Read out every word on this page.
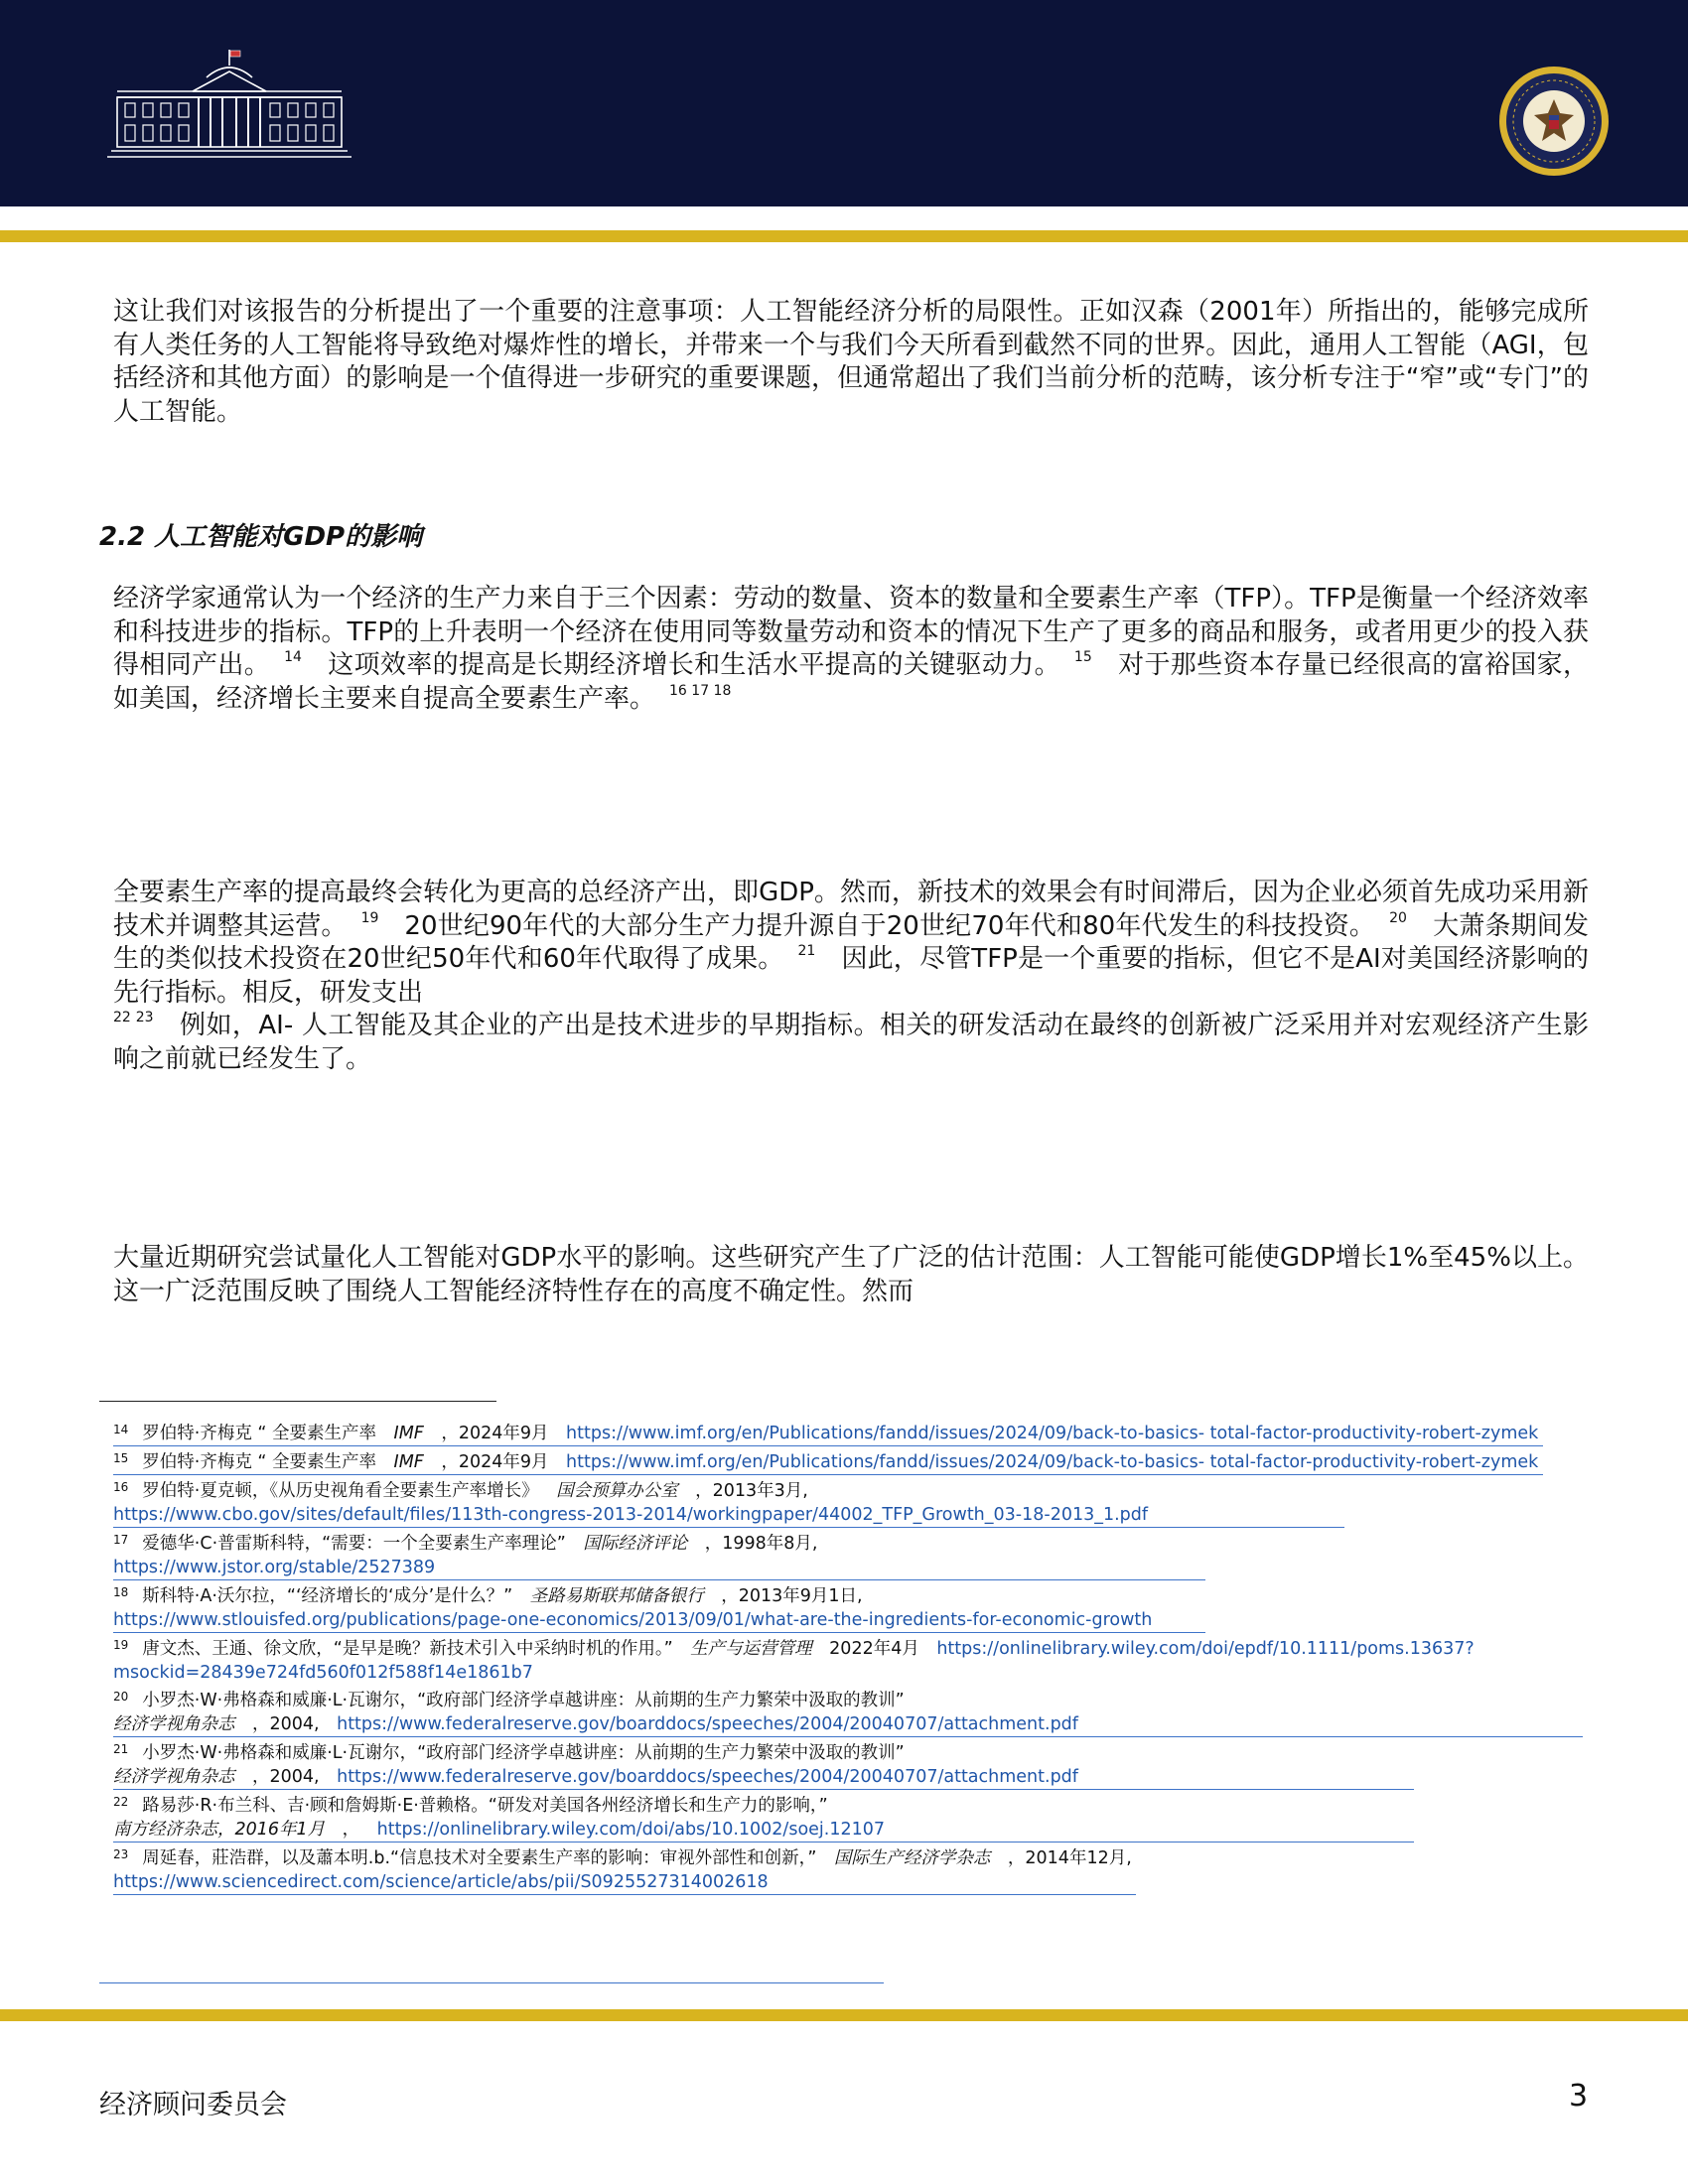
这让我们对该报告的分析提出了一个重要的注意事项：人工智能经济分析的局限性。正如汉森（2001年）所指出的，能够完成所有人类任务的人工智能将导致绝对爆炸性的增长，并带来一个与我们今天所看到截然不同的世界。因此，通用人工智能（AGI，包括经济和其他方面）的影响是一个值得进一步研究的重要课题，但通常超出了我们当前分析的范畴，该分析专注于“窄”或“专门”的人工智能。
2.2 人工智能对GDP的影响

经济学家通常认为一个经济的生产力来自于三个因素：劳动的数量、资本的数量和全要素生产率（TFP）。TFP是衡量一个经济效率和科技进步的指标。TFP的上升表明一个经济在使用同等数量劳动和资本的情况下生产了更多的商品和服务，或者用更少的投入获得相同产出。  $^{14}$  这项效率的提高是长期经济增长和生活水平提高的关键驱动力。  $^{15}$  对于那些资本存量已经很高的富裕国家，如美国，经济增长主要来自提高全要素生产率。  $^{16 17 18}$

全要素生产率的提高最终会转化为更高的总经济产出，即GDP。然而，新技术的效果会有时间滞后，因为企业必须首先成功采用新技术并调整其运营。  $^{19}$  20世纪90年代的大部分生产力提升源自于20世纪70年代和80年代发生的科技投资。  $^{20}$  大萧条期间发生的类似技术投资在20世纪50年代和60年代取得了成果。  $^{21}$  因此，尽管TFP是一个重要的指标，但它不是AI对美国经济影响的先行指标。相反，研发支出
$^{22 23}$  例如，AI- 人工智能及其企业的产出是技术进步的早期指标。相关的研发活动在最终的创新被广泛采用并对宏观经济产生影响之前就已经发生了。

大量近期研究尝试量化人工智能对GDP水平的影响。这些研究产生了广泛的估计范围：人工智能可能使GDP增长1%至45%以上。这一广泛范围反映了围绕人工智能经济特性存在的高度不确定性。然而

$^{14}$ 罗伯特·齐梅克 “ 全要素生产率  IMF  ，2024年9月  https://www.imf.org/en/Publications/fandd/issues/2024/09/back-to-basics- total-factor-productivity-robert-zymek

$^{15}$ 罗伯特·齐梅克 “ 全要素生产率  IMF  ，2024年9月  https://www.imf.org/en/Publications/fandd/issues/2024/09/back-to-basics- total-factor-productivity-robert-zymek

$^{16}$ 罗伯特·夏克顿，《从历史视角看全要素生产率增长》  国会预算办公室  ，2013年3月,
https://www.cbo.gov/sites/default/files/113th-congress-2013-2014/workingpaper/44002_TFP_Growth_03-18-2013_1.pdf

$^{17}$ 爱德华·C·普雷斯科特，“需要：一个全要素生产率理论”  国际经济评论  ，1998年8月,
https://www.jstor.org/stable/2527389

$^{18}$ 斯科特·A·沃尔拉，“‘经济增长的‘成分’是什么？”  圣路易斯联邦储备银行  ，2013年9月1日,
https://www.stlouisfed.org/publications/page-one-economics/2013/09/01/what-are-the-ingredients-for-economic-growth

$^{19}$ 唐文杰、王通、徐文欣，“是早是晚？新技术引入中采纳时机的作用。”  生产与运营管理  2022年4月  https://onlinelibrary.wiley.com/doi/epdf/10.1111/poms.13637?msockid=28439e724fd560f012f588f14e1861b7

$^{20}$ 小罗杰·W·弗格森和威廉·L·瓦谢尔，“政府部门经济学卓越讲座：从前期的生产力繁荣中汲取的教训”
经济学视角杂志  ，2004,  https://www.federalreserve.gov/boarddocs/speeches/2004/20040707/attachment.pdf

$^{21}$ 小罗杰·W·弗格森和威廉·L·瓦谢尔，“政府部门经济学卓越讲座：从前期的生产力繁荣中汲取的教训”
经济学视角杂志  ，2004,  https://www.federalreserve.gov/boarddocs/speeches/2004/20040707/attachment.pdf

$^{22}$ 路易莎·R·布兰科、吉·顾和詹姆斯·E·普赖格。“研发对美国各州经济增长和生产力的影响，”
南方经济杂志，2016年1月  ，  https://onlinelibrary.wiley.com/doi/abs/10.1002/soej.12107

$^{23}$ 周延春，莊浩群，以及蕭本明.b.“信息技术对全要素生产率的影响：审视外部性和创新，”  国际生产经济学杂志  ，2014年12月,
https://www.sciencedirect.com/science/article/abs/pii/S0925527314002618

经济顾问委员会	3
